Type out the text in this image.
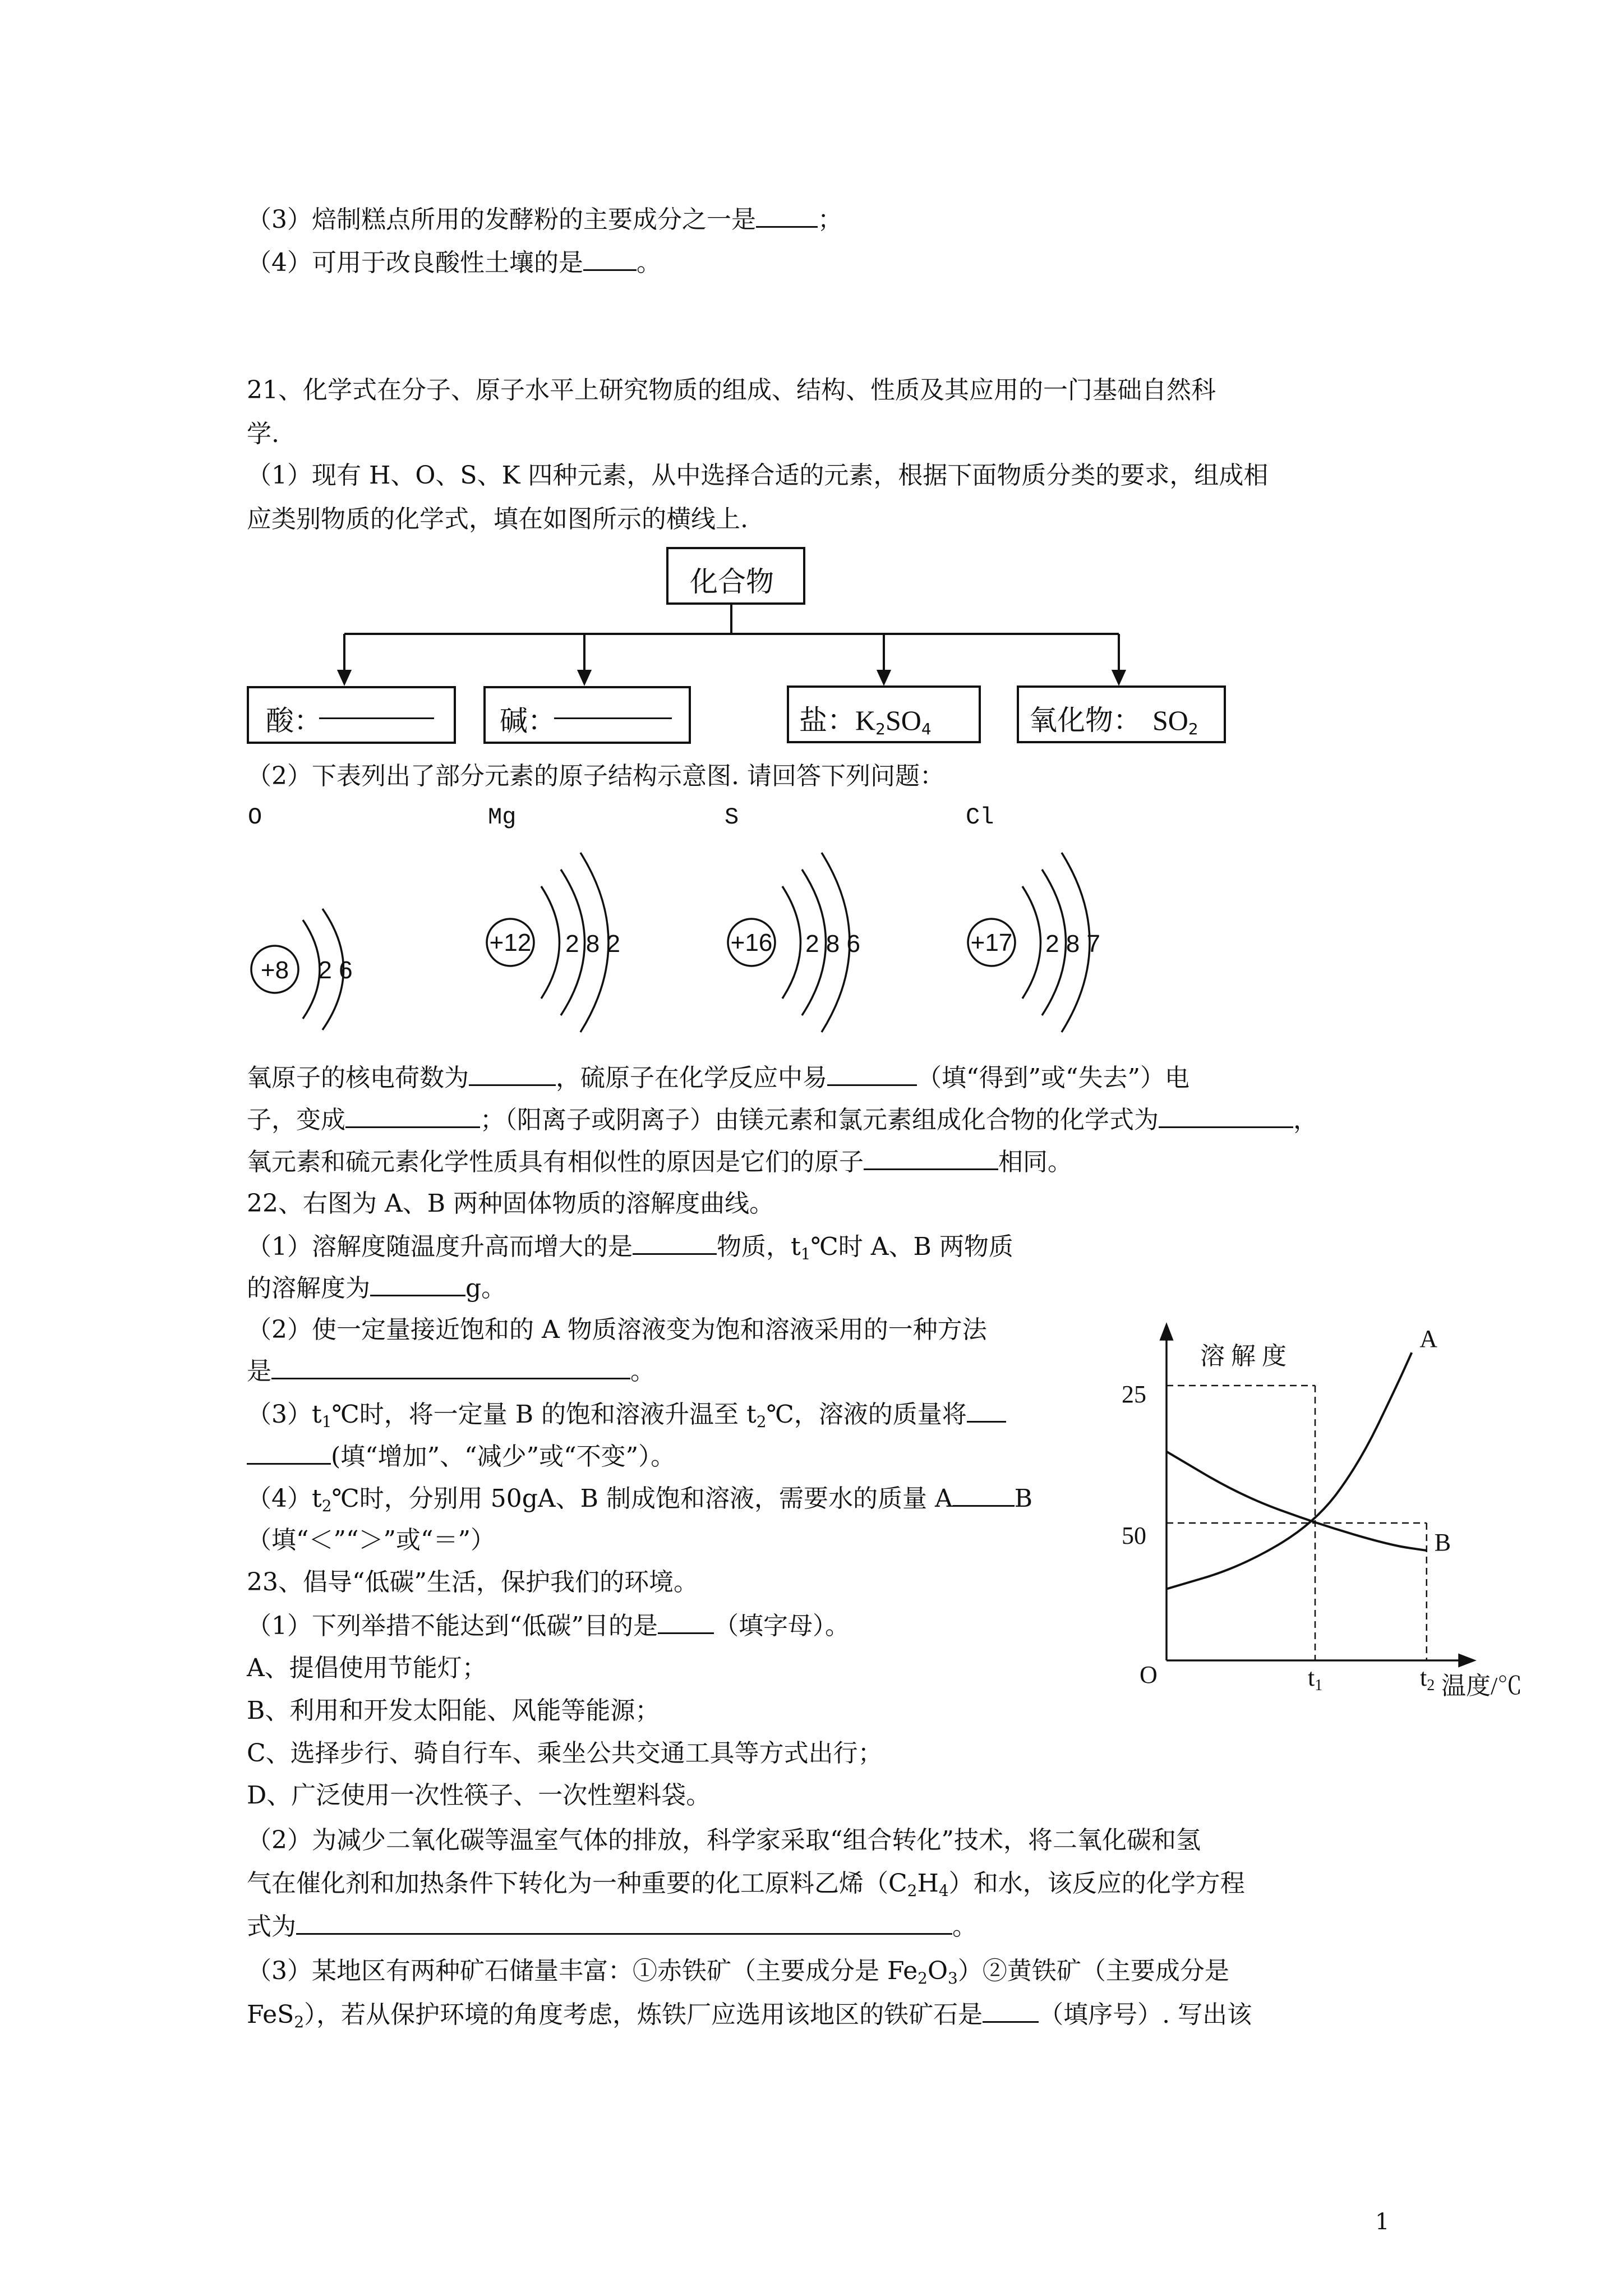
（3）焙制糕点所用的发酵粉的主要成分之一是	；
（4）可用于改良酸性土壤的是 。
21、化学式在分子、原子水平上研究物质的组成、结构、性质及其应用的一门基础自然科
学.
（1）现有 H、O、S、K 四种元素，从中选择合适的元素，根据下面物质分类的要求，组成相
应类别物质的化学式，填在如图所示的横线上.
化合物
酸：	碱：	盐：$K_2SO_4$	氧化物： $SO_2$
（2）下表列出了部分元素的原子结构示意图. 请回答下列问题：
O	Mg	S	Cl
+8 2 6
+12 2 8 2	+16 2 8 6	+17 2 8 7
氧原子的核电荷数为	，硫原子在化学反应中易	（填“得到”或“失去”）电
子，变成	；（阳离子或阴离子）由镁元素和氯元素组成化合物的化学式为	，
氧元素和硫元素化学性质具有相似性的原因是它们的原子	相同。
22、右图为 A、B 两种固体物质的溶解度曲线。
（1）溶解度随温度升高而增大的是	物质，$t_1℃$时 A、B 两物质
的溶解度为	g。
（2）使一定量接近饱和的 A 物质溶液变为饱和溶液采用的一种方法
是	。
$(3)t_1℃$时，将一定量 B 的饱和溶液升温至 $t_2℃$，溶液的质量将
(填“增加”、“减少”或“不变”）。
$(4)t_2℃$时，分别用 50gA、B 制成饱和溶液，需要水的质量 A	B
（填“＜”“＞”或“＝”）
溶 解 度
25
50
O	t1	t2 温度/℃
A
B
23、倡导“低碳”生活，保护我们的环境。
（1）下列举措不能达到“低碳”目的是 （填字母）。
A、提倡使用节能灯；
B、利用和开发太阳能、风能等能源；
C、选择步行、骑自行车、乘坐公共交通工具等方式出行；
D、广泛使用一次性筷子、一次性塑料袋。
（2）为减少二氧化碳等温室气体的排放，科学家采取“组合转化”技术，将二氧化碳和氢
气在催化剂和加热条件下转化为一种重要的化工原料乙烯$(C_2H_4)$和水，该反应的化学方程
式为	。
（3）某地区有两种矿石储量丰富：①赤铁矿（主要成分是 $Fe_2O_3)②$黄铁矿（主要成分是
FeS$_2$），若从保护环境的角度考虑，炼铁厂应选用该地区的铁矿石是 （填序号）. 写出该
1
